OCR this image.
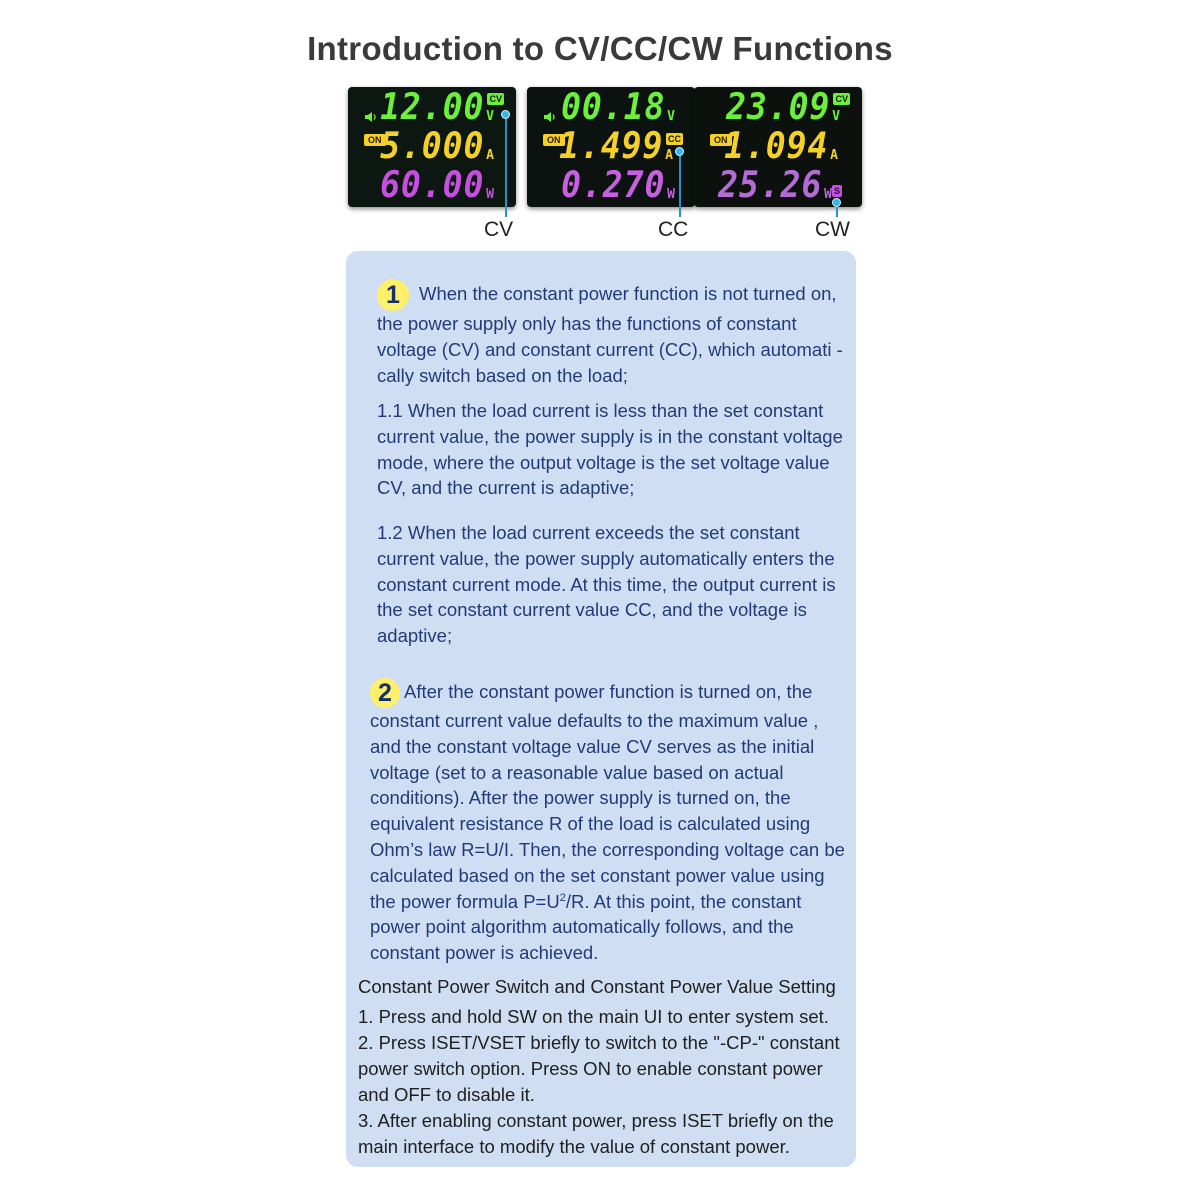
Introduction to CV/CC/CW Functions
ON
CV
12.00 V
5.000 A
60.00 W
ON	CC
00.18 V
1.499 A
0.270 W
ON
CV
S
23.09 V
1.094 A
25.26 W
CV	CC	CW
1 When the constant power function is not turned on, the power supply only has the functions of constant voltage (CV) and constant current (CC), which automati -cally switch based on the load;
1.1 When the load current is less than the set constant current value, the power supply is in the constant voltage mode, where the output voltage is the set voltage value CV, and the current is adaptive;
1.2 When the load current exceeds the set constant current value, the power supply automatically enters the constant current mode. At this time, the output current is the set constant current value CC, and the voltage is adaptive;
2 After the constant power function is turned on, the constant current value defaults to the maximum value , and the constant voltage value CV serves as the initial voltage (set to a reasonable value based on actual conditions). After the power supply is turned on, the equivalent resistance R of the load is calculated using Ohm’s law R=U/I. Then, the corresponding voltage can be calculated based on the set constant power value using the power formula $P=U^2/R$. At this point, the constant power point algorithm automatically follows, and the constant power is achieved.

Constant Power Switch and Constant Power Value Setting

1. Press and hold SW on the main UI to enter system set.

2. Press ISET/VSET briefly to switch to the "-CP-" constant power switch option. Press ON to enable constant power and OFF to disable it.

3. After enabling constant power, press ISET briefly on the main interface to modify the value of constant power.
